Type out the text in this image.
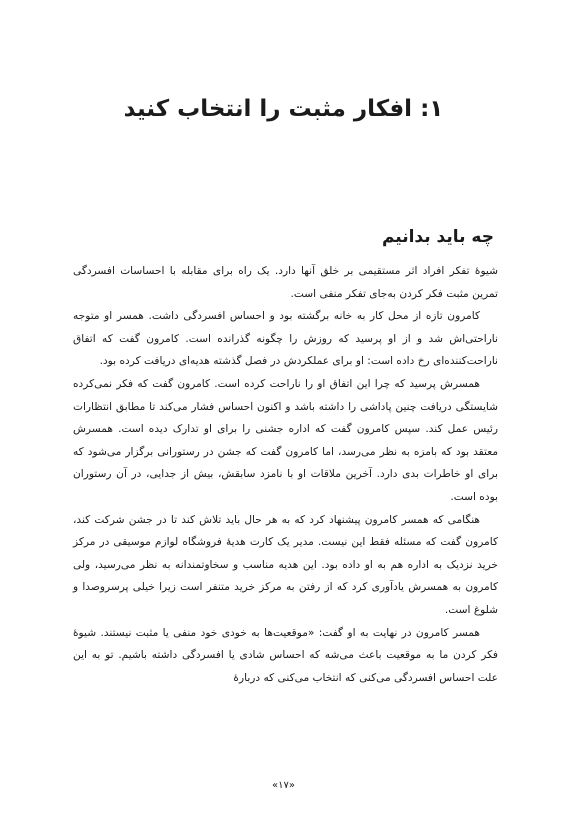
۱: افکار مثبت را انتخاب کنید
چه باید بدانیم

شیوهٔ تفکر افراد اثر مستقیمی بر خلق آنها دارد. یک راه برای مقابله با احساسات افسردگی تمرین مثبت فکر کردن به‌جای تفکر منفی است.

کامرون تازه از محل کار به خانه برگشته بود و احساس افسردگی داشت. همسر او متوجه ناراحتی‌اش شد و از او پرسید که روزش را چگونه گذرانده است. کامرون گفت که اتفاق ناراحت‌کننده‌ای رخ داده است: او برای عملکردش در فصل گذشته هدیه‌ای دریافت کرده بود.

همسرش پرسید که چرا این اتفاق او را ناراحت کرده است. کامرون گفت که فکر نمی‌کرده شایستگی دریافت چنین پاداشی را داشته باشد و اکنون احساس فشار می‌کند تا مطابق انتظارات رئیس عمل کند. سپس کامرون گفت که اداره جشنی را برای او تدارک دیده است. همسرش معتقد بود که بامزه به نظر می‌رسد، اما کامرون گفت که جشن در رستورانی برگزار می‌شود که برای او خاطرات بدی دارد. آخرین ملاقات او با نامزد سابقش، بیش از جدایی، در آن رستوران بوده است.

هنگامی که همسر کامرون پیشنهاد کرد که به هر حال باید تلاش کند تا در جشن شرکت کند، کامرون گفت که مسئله فقط این نیست. مدیر یک کارت هدیهٔ فروشگاه لوازم موسیقی در مرکز خرید نزدیک به اداره هم به او داده بود. این هدیه مناسب و سخاوتمندانه به نظر می‌رسید، ولی کامرون به همسرش یادآوری کرد که از رفتن به مرکز خرید متنفر است زیرا خیلی پرسروصدا و شلوغ است.

همسر کامرون در نهایت به او گفت: «موقعیت‌ها به خودی خود منفی یا مثبت نیستند. شیوهٔ فکر کردن ما به موقعیت باعث می‌شه که احساس شادی یا افسردگی داشته باشیم. تو به این علت احساس افسردگی می‌کنی که انتخاب می‌کنی که دربارهٔ

«۱۷»
